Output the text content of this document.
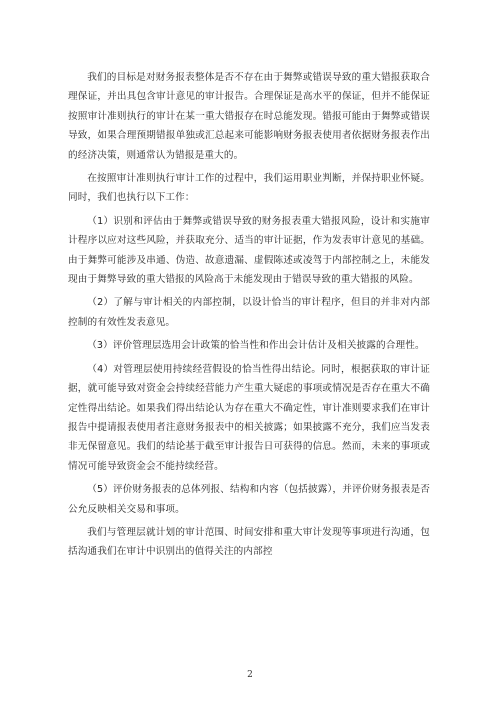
我们的目标是对财务报表整体是否不存在由于舞弊或错误导致的重大错报获取合理保证，并出具包含审计意见的审计报告。合理保证是高水平的保证，但并不能保证按照审计准则执行的审计在某一重大错报存在时总能发现。错报可能由于舞弊或错误导致，如果合理预期错报单独或汇总起来可能影响财务报表使用者依据财务报表作出的经济决策，则通常认为错报是重大的。

在按照审计准则执行审计工作的过程中，我们运用职业判断，并保持职业怀疑。同时，我们也执行以下工作：

（1）识别和评估由于舞弊或错误导致的财务报表重大错报风险，设计和实施审计程序以应对这些风险，并获取充分、适当的审计证据，作为发表审计意见的基础。由于舞弊可能涉及串通、伪造、故意遗漏、虚假陈述或凌驾于内部控制之上，未能发现由于舞弊导致的重大错报的风险高于未能发现由于错误导致的重大错报的风险。

（2）了解与审计相关的内部控制，以设计恰当的审计程序，但目的并非对内部控制的有效性发表意见。

（3）评价管理层选用会计政策的恰当性和作出会计估计及相关披露的合理性。

（4）对管理层使用持续经营假设的恰当性得出结论。同时，根据获取的审计证据，就可能导致对资金会持续经营能力产生重大疑虑的事项或情况是否存在重大不确定性得出结论。如果我们得出结论认为存在重大不确定性，审计准则要求我们在审计报告中提请报表使用者注意财务报表中的相关披露；如果披露不充分，我们应当发表非无保留意见。我们的结论基于截至审计报告日可获得的信息。然而，未来的事项或情况可能导致资金会不能持续经营。

（5）评价财务报表的总体列报、结构和内容（包括披露），并评价财务报表是否公允反映相关交易和事项。

我们与管理层就计划的审计范围、时间安排和重大审计发现等事项进行沟通，包括沟通我们在审计中识别出的值得关注的内部控

2
